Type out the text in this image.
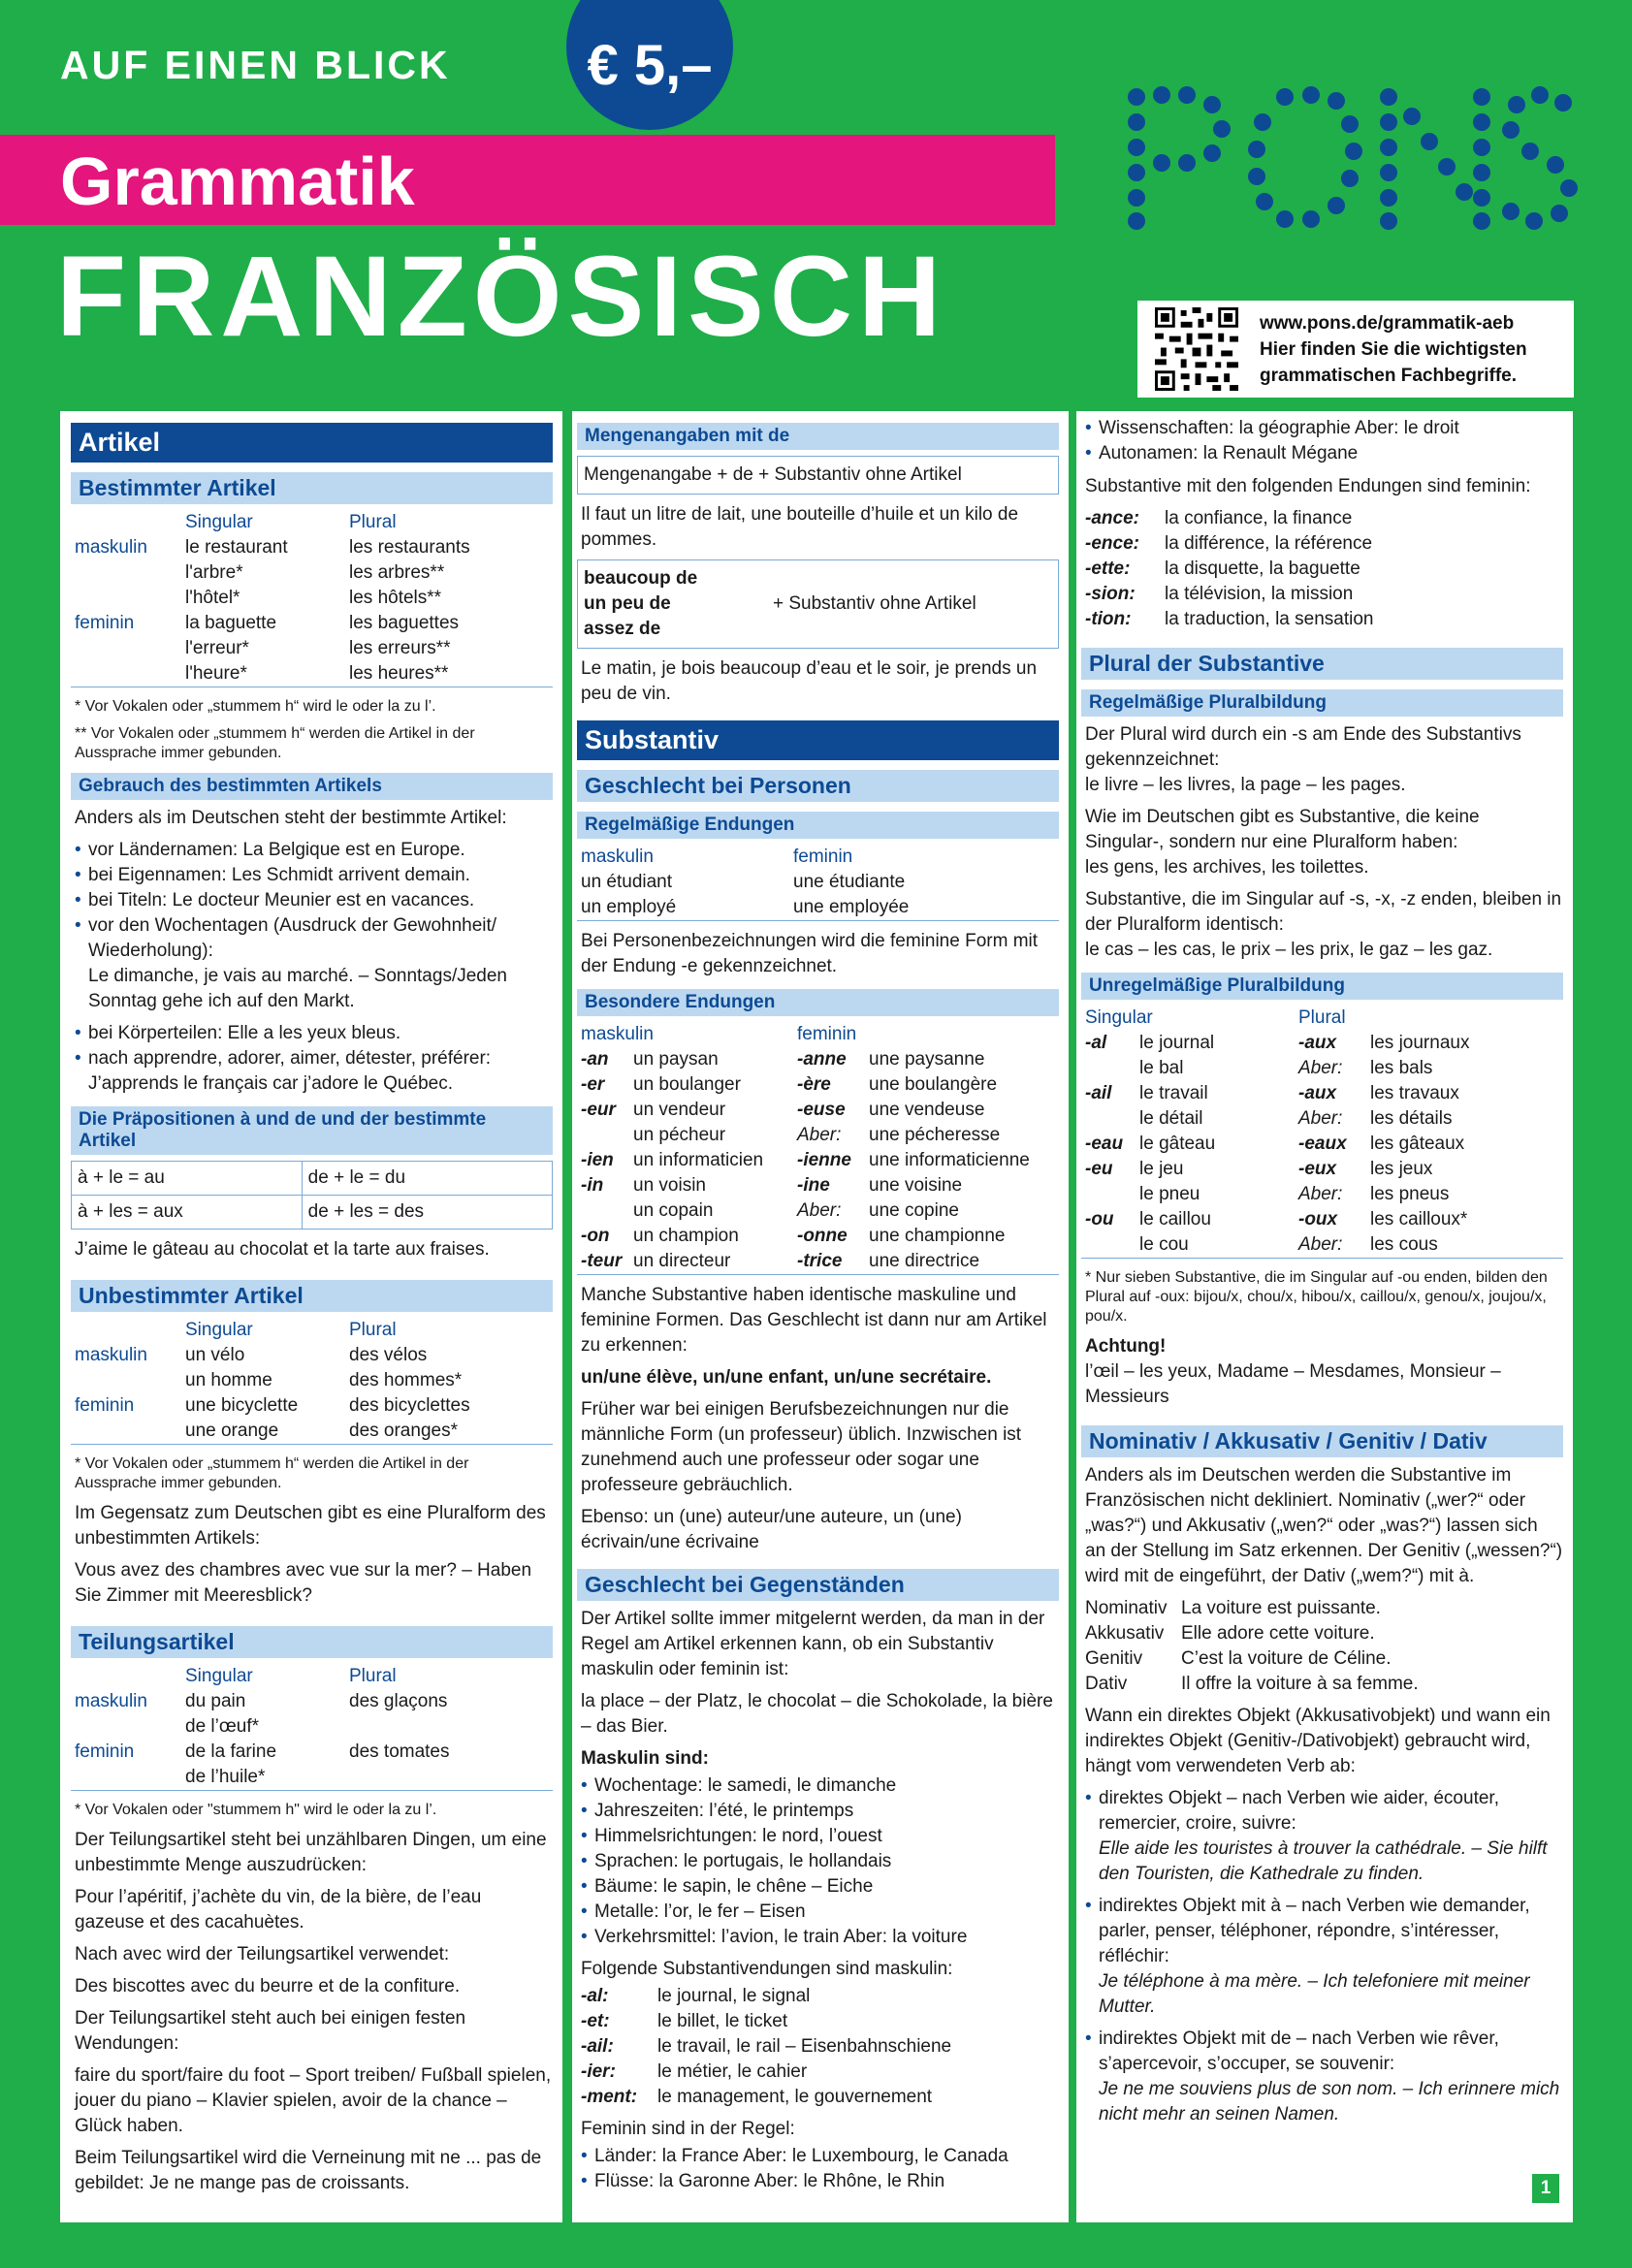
AUF EINEN BLICK	€ 5,–
Grammatik
FRANZÖSISCH	www.pons.de/grammatik-aeb
Hier finden Sie die wichtigsten
grammatischen Fachbegriffe.
Artikel
Bestimmter Artikel
	Singular	Plural
maskulin	le restaurant	les restaurants
	l'arbre*	les arbres**
	l'hôtel*	les hôtels**
feminin	la baguette	les baguettes
	l'erreur*	les erreurs**
	l'heure*	les heures**
* Vor Vokalen oder „stummem h“ wird le oder la zu l’.
** Vor Vokalen oder „stummem h“ werden die Artikel in der Aussprache immer gebunden.
Gebrauch des bestimmten Artikels

Anders als im Deutschen steht der bestimmte Artikel:

• vor Ländernamen: La Belgique est en Europe.
• bei Eigennamen: Les Schmidt arrivent demain.
• bei Titeln: Le docteur Meunier est en vacances.
• vor den Wochentagen (Ausdruck der Gewohnheit/ Wiederholung):

Le dimanche, je vais au marché. – Sonntags/Jeden Sonntag gehe ich auf den Markt.

• bei Körperteilen: Elle a les yeux bleus.
• nach apprendre, adorer, aimer, détester, préférer:

J’apprends le français car j’adore le Québec.

Die Präpositionen à und de und der bestimmte Artikel
à + le = au	de + le = du
à + les = aux	de + les = des

J’aime le gâteau au chocolat et la tarte aux fraises.

Unbestimmter Artikel
	Singular	Plural
maskulin	un vélo	des vélos
	un homme	des hommes*
feminin	une bicyclette	des bicyclettes
	une orange	des oranges*
* Vor Vokalen oder „stummem h“ werden die Artikel in der Aussprache immer gebunden.

Im Gegensatz zum Deutschen gibt es eine Pluralform des unbestimmten Artikels:

Vous avez des chambres avec vue sur la mer? – Haben Sie Zimmer mit Meeresblick?

Teilungsartikel
	Singular	Plural
maskulin	du pain	des glaçons
	de l’œuf*	
feminin	de la farine	des tomates
	de l’huile*	
* Vor Vokalen oder "stummem h" wird le oder la zu l’.

Der Teilungsartikel steht bei unzählbaren Dingen, um eine unbestimmte Menge auszudrücken:

Pour l’apéritif, j’achète du vin, de la bière, de l’eau gazeuse et des cacahuètes.

Nach avec wird der Teilungsartikel verwendet:

Des biscottes avec du beurre et de la confiture.

Der Teilungsartikel steht auch bei einigen festen Wendungen:

faire du sport/faire du foot – Sport treiben/ Fußball spielen, jouer du piano – Klavier spielen, avoir de la chance – Glück haben.

Beim Teilungsartikel wird die Verneinung mit ne ... pas de gebildet: Je ne mange pas de croissants.

Mengenangaben mit de
Mengenangabe + de + Substantiv ohne Artikel

Il faut un litre de lait, une bouteille d’huile et un kilo de pommes.

beaucoup de
un peu de
assez de
+ Substantiv ohne Artikel

Le matin, je bois beaucoup d’eau et le soir, je prends un peu de vin.

Substantiv
Geschlecht bei Personen
Regelmäßige Endungen
maskulin	feminin
un étudiant	une étudiante
un employé	une employée

Bei Personenbezeichnungen wird die feminine Form mit der Endung -e gekennzeichnet.

Besondere Endungen
maskulin		feminin	
-an	un paysan	-anne	une paysanne
-er	un boulanger	-ère	une boulangère
-eur	un vendeur	-euse	une vendeuse
	un pécheur	Aber:	une pécheresse
-ien	un informaticien	-ienne	une informaticienne
-in	un voisin	-ine	une voisine
	un copain	Aber:	une copine
-on	un champion	-onne	une championne
-teur	un directeur	-trice	une directrice

Manche Substantive haben identische maskuline und feminine Formen. Das Geschlecht ist dann nur am Artikel zu erkennen:

un/une élève, un/une enfant, un/une secrétaire.

Früher war bei einigen Berufsbezeichnungen nur die männliche Form (un professeur) üblich. Inzwischen ist zunehmend auch une professeur oder sogar une professeure gebräuchlich.

Ebenso: un (une) auteur/une auteure, un (une) écrivain/une écrivaine

Geschlecht bei Gegenständen

Der Artikel sollte immer mitgelernt werden, da man in der Regel am Artikel erkennen kann, ob ein Substantiv maskulin oder feminin ist:

la place – der Platz, le chocolat – die Schokolade, la bière – das Bier.

Maskulin sind:

• Wochentage: le samedi, le dimanche
• Jahreszeiten: l’été, le printemps
• Himmelsrichtungen: le nord, l’ouest
• Sprachen: le portugais, le hollandais
• Bäume: le sapin, le chêne – Eiche
• Metalle: l’or, le fer – Eisen
• Verkehrsmittel: l’avion, le train Aber: la voiture

Folgende Substantivendungen sind maskulin:

-al:	le journal, le signal
-et:	le billet, le ticket
-ail:	le travail, le rail – Eisenbahnschiene
-ier:	le métier, le cahier
-ment:	le management, le gouvernement

Feminin sind in der Regel:

• Länder: la France Aber: le Luxembourg, le Canada
• Flüsse: la Garonne Aber: le Rhône, le Rhin
• Wissenschaften: la géographie Aber: le droit
• Autonamen: la Renault Mégane

Substantive mit den folgenden Endungen sind feminin:

-ance:	la confiance, la finance
-ence:	la différence, la référence
-ette:	la disquette, la baguette
-sion:	la télévision, la mission
-tion:	la traduction, la sensation
Plural der Substantive
Regelmäßige Pluralbildung

Der Plural wird durch ein -s am Ende des Substantivs gekennzeichnet:

le livre – les livres, la page – les pages.

Wie im Deutschen gibt es Substantive, die keine Singular-, sondern nur eine Pluralform haben:

les gens, les archives, les toilettes.

Substantive, die im Singular auf -s, -x, -z enden, bleiben in der Pluralform identisch:

le cas – les cas, le prix – les prix, le gaz – les gaz.

Unregelmäßige Pluralbildung
Singular		Plural	
-al	le journal	-aux	les journaux
	le bal	Aber:	les bals
-ail	le travail	-aux	les travaux
	le détail	Aber:	les détails
-eau	le gâteau	-eaux	les gâteaux
-eu	le jeu	-eux	les jeux
	le pneu	Aber:	les pneus
-ou	le caillou	-oux	les cailloux*
	le cou	Aber:	les cous
* Nur sieben Substantive, die im Singular auf -ou enden, bilden den Plural auf -oux: bijou/x, chou/x, hibou/x, caillou/x, genou/x, joujou/x, pou/x.

Achtung!

l’œil – les yeux, Madame – Mesdames, Monsieur – Messieurs

Nominativ / Akkusativ / Genitiv / Dativ

Anders als im Deutschen werden die Substantive im Französischen nicht dekliniert. Nominativ („wer?“ oder „was?“) und Akkusativ („wen?“ oder „was?“) lassen sich an der Stellung im Satz erkennen. Der Genitiv („wessen?“) wird mit de eingeführt, der Dativ („wem?“) mit à.

Nominativ	La voiture est puissante.
Akkusativ	Elle adore cette voiture.
Genitiv	C’est la voiture de Céline.
Dativ	Il offre la voiture à sa femme.

Wann ein direktes Objekt (Akkusativobjekt) und wann ein indirektes Objekt (Genitiv-/Dativobjekt) gebraucht wird, hängt vom verwendeten Verb ab:

• direktes Objekt – nach Verben wie aider, écouter, remercier, croire, suivre:

Elle aide les touristes à trouver la cathédrale. – Sie hilft den Touristen, die Kathedrale zu finden.

• indirektes Objekt mit à – nach Verben wie demander, parler, penser, téléphoner, répondre, s’intéresser, réfléchir:

Je téléphone à ma mère. – Ich telefoniere mit meiner Mutter.

• indirektes Objekt mit de – nach Verben wie rêver, s’apercevoir, s’occuper, se souvenir:

Je ne me souviens plus de son nom. – Ich erinnere mich nicht mehr an seinen Namen.

1
